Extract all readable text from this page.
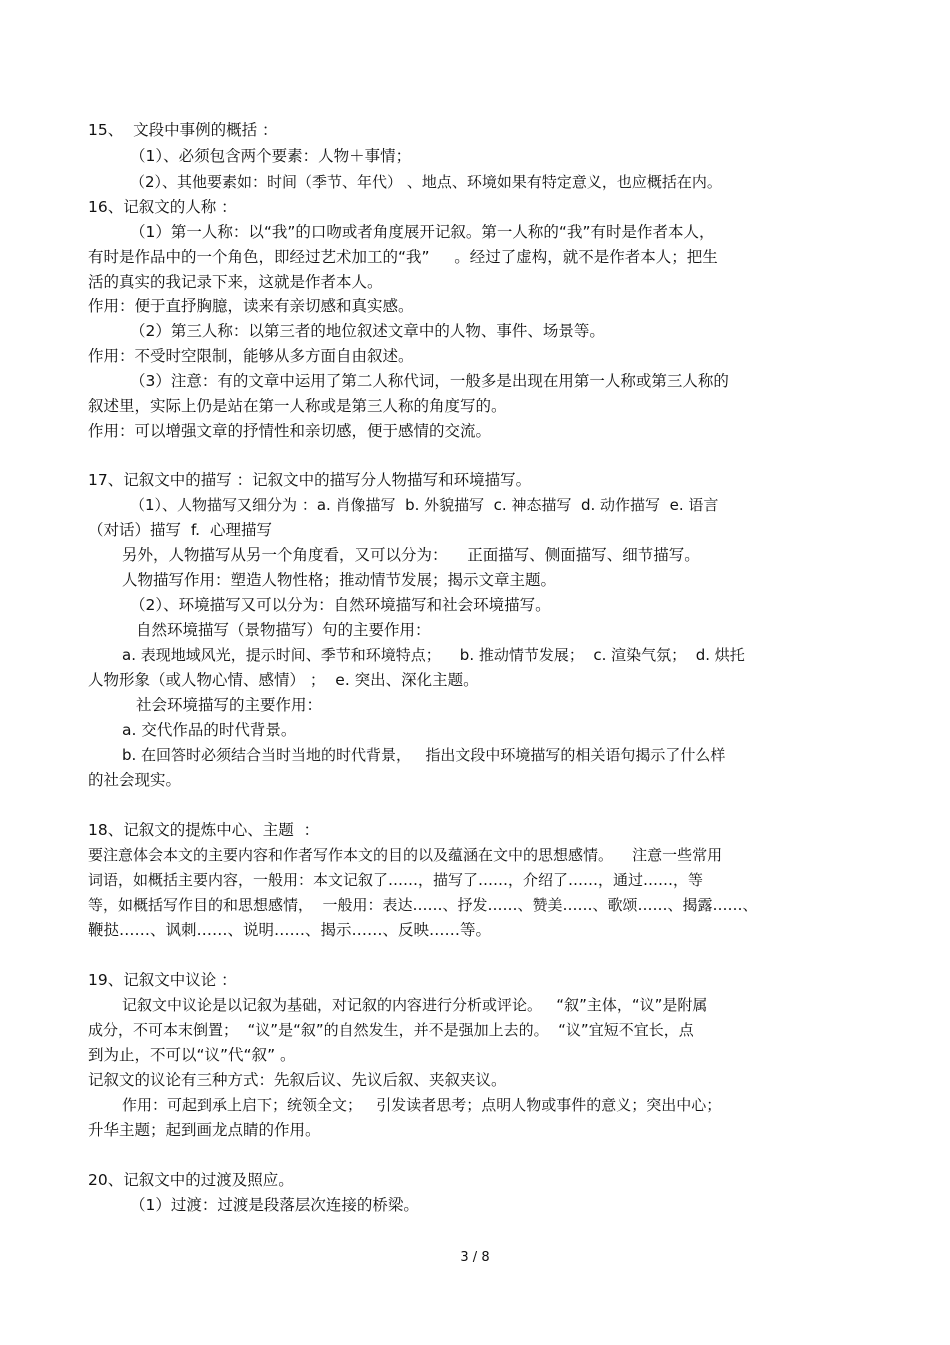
15、  文段中事例的概括 ：
（1）、必须包含两个要素：人物＋事情；
（2）、其他要素如：时间（季节、年代） 、地点、环境如果有特定意义，也应概括在内。
16、记叙文的人称 ：
（1）第一人称：以“我”的口吻或者角度展开记叙。第一人称的“我”有时是作者本人，
有时是作品中的一个角色，即经过艺术加工的“我”     。经过了虚构，就不是作者本人；把生
活的真实的我记录下来，这就是作者本人。
作用：便于直抒胸臆，读来有亲切感和真实感。
（2）第三人称：以第三者的地位叙述文章中的人物、事件、场景等。
作用：不受时空限制，能够从多方面自由叙述。
（3）注意：有的文章中运用了第二人称代词，一般多是出现在用第一人称或第三人称的
叙述里，实际上仍是站在第一人称或是第三人称的角度写的。
作用：可以增强文章的抒情性和亲切感，便于感情的交流。
17、记叙文中的描写 ：记叙文中的描写分人物描写和环境描写。
（1）、人物描写又细分为 ：a. 肖像描写  b. 外貌描写  c. 神态描写  d. 动作描写  e. 语言
（对话）描写  f.  心理描写
另外，人物描写从另一个角度看，又可以分为：    正面描写、侧面描写、细节描写。
人物描写作用：塑造人物性格；推动情节发展；揭示文章主题。
（2）、环境描写又可以分为：自然环境描写和社会环境描写。
自然环境描写（景物描写）句的主要作用：
a. 表现地域风光，提示时间、季节和环境特点；    b. 推动情节发展；  c. 渲染气氛；  d. 烘托
人物形象（或人物心情、感情） ；  e. 突出、深化主题。
社会环境描写的主要作用：
a. 交代作品的时代背景。
b. 在回答时必须结合当时当地的时代背景，   指出文段中环境描写的相关语句揭示了什么样
的社会现实。
18、记叙文的提炼中心、主题  ：
要注意体会本文的主要内容和作者写作本文的目的以及蕴涵在文中的思想感情。    注意一些常用
词语，如概括主要内容，一般用：本文记叙了……，描写了……，介绍了……，通过……，等
等，如概括写作目的和思想感情，  一般用：表达……、抒发……、赞美……、歌颂……、揭露……、
鞭挞……、讽刺……、说明……、揭示……、反映……等。
19、记叙文中议论 ：
记叙文中议论是以记叙为基础，对记叙的内容进行分析或评论。   “叙”主体，“议”是附属
成分，不可本末倒置；  “议”是“叙”的自然发生，并不是强加上去的。  “议”宜短不宜长，点
到为止，不可以“议”代“叙” 。
记叙文的议论有三种方式：先叙后议、先议后叙、夹叙夹议。
作用：可起到承上启下；统领全文；   引发读者思考；点明人物或事件的意义；突出中心；
升华主题；起到画龙点睛的作用。
20、记叙文中的过渡及照应。
（1）过渡：过渡是段落层次连接的桥梁。
3 / 8
